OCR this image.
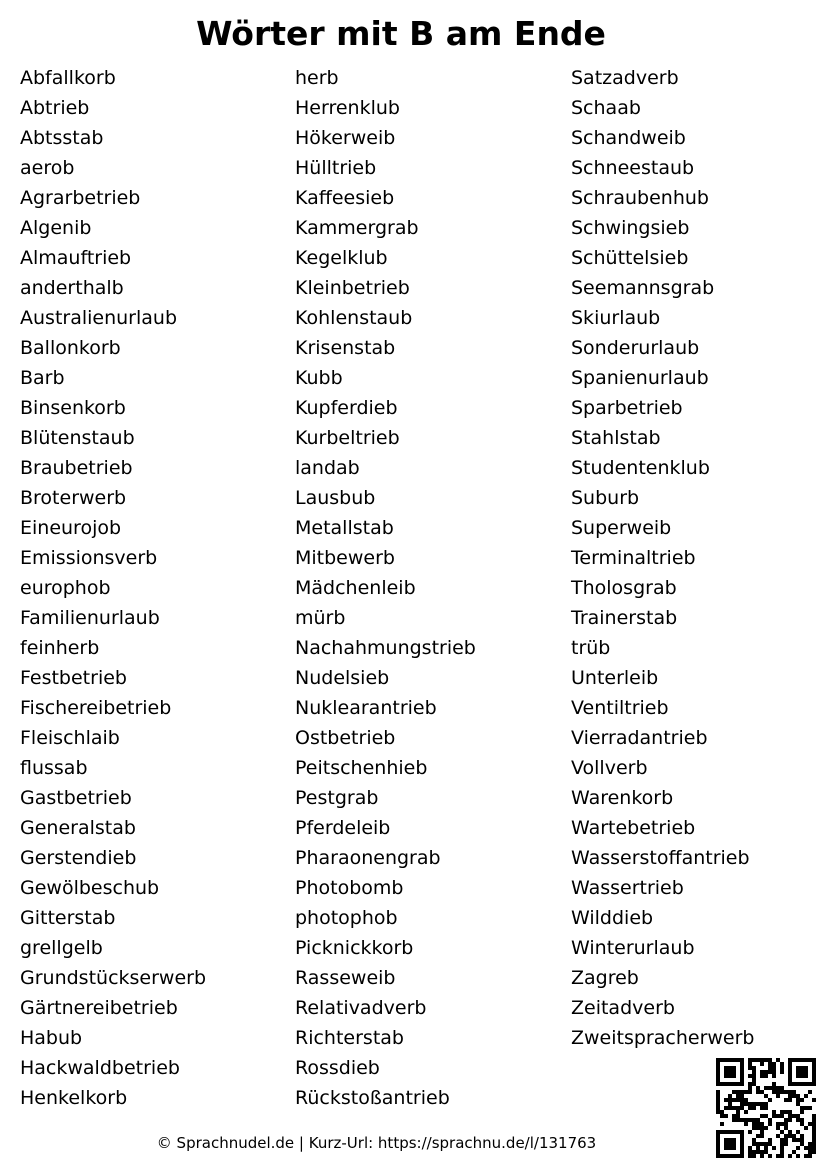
Wörter mit B am Ende
Abfallkorb
Abtrieb
Abtsstab
aerob
Agrarbetrieb
Algenib
Almauftrieb
anderthalb
Australienurlaub
Ballonkorb
Barb
Binsenkorb
Blütenstaub
Braubetrieb
Broterwerb
Eineurojob
Emissionsverb
europhob
Familienurlaub
feinherb
Festbetrieb
Fischereibetrieb
Fleischlaib
flussab
Gastbetrieb
Generalstab
Gerstendieb
Gewölbeschub
Gitterstab
grellgelb
Grundstückserwerb
Gärtnereibetrieb
Habub
Hackwaldbetrieb
Henkelkorb
herb
Herrenklub
Hökerweib
Hülltrieb
Kaffeesieb
Kammergrab
Kegelklub
Kleinbetrieb
Kohlenstaub
Krisenstab
Kubb
Kupferdieb
Kurbeltrieb
landab
Lausbub
Metallstab
Mitbewerb
Mädchenleib
mürb
Nachahmungstrieb
Nudelsieb
Nuklearantrieb
Ostbetrieb
Peitschenhieb
Pestgrab
Pferdeleib
Pharaonengrab
Photobomb
photophob
Picknickkorb
Rasseweib
Relativadverb
Richterstab
Rossdieb
Rückstoßantrieb
Satzadverb
Schaab
Schandweib
Schneestaub
Schraubenhub
Schwingsieb
Schüttelsieb
Seemannsgrab
Skiurlaub
Sonderurlaub
Spanienurlaub
Sparbetrieb
Stahlstab
Studentenklub
Suburb
Superweib
Terminaltrieb
Tholosgrab
Trainerstab
trüb
Unterleib
Ventiltrieb
Vierradantrieb
Vollverb
Warenkorb
Wartebetrieb
Wasserstoffantrieb
Wassertrieb
Wilddieb
Winterurlaub
Zagreb
Zeitadverb
Zweitspracherwerb
© Sprachnudel.de | Kurz-Url: https://sprachnu.de/l/131763
